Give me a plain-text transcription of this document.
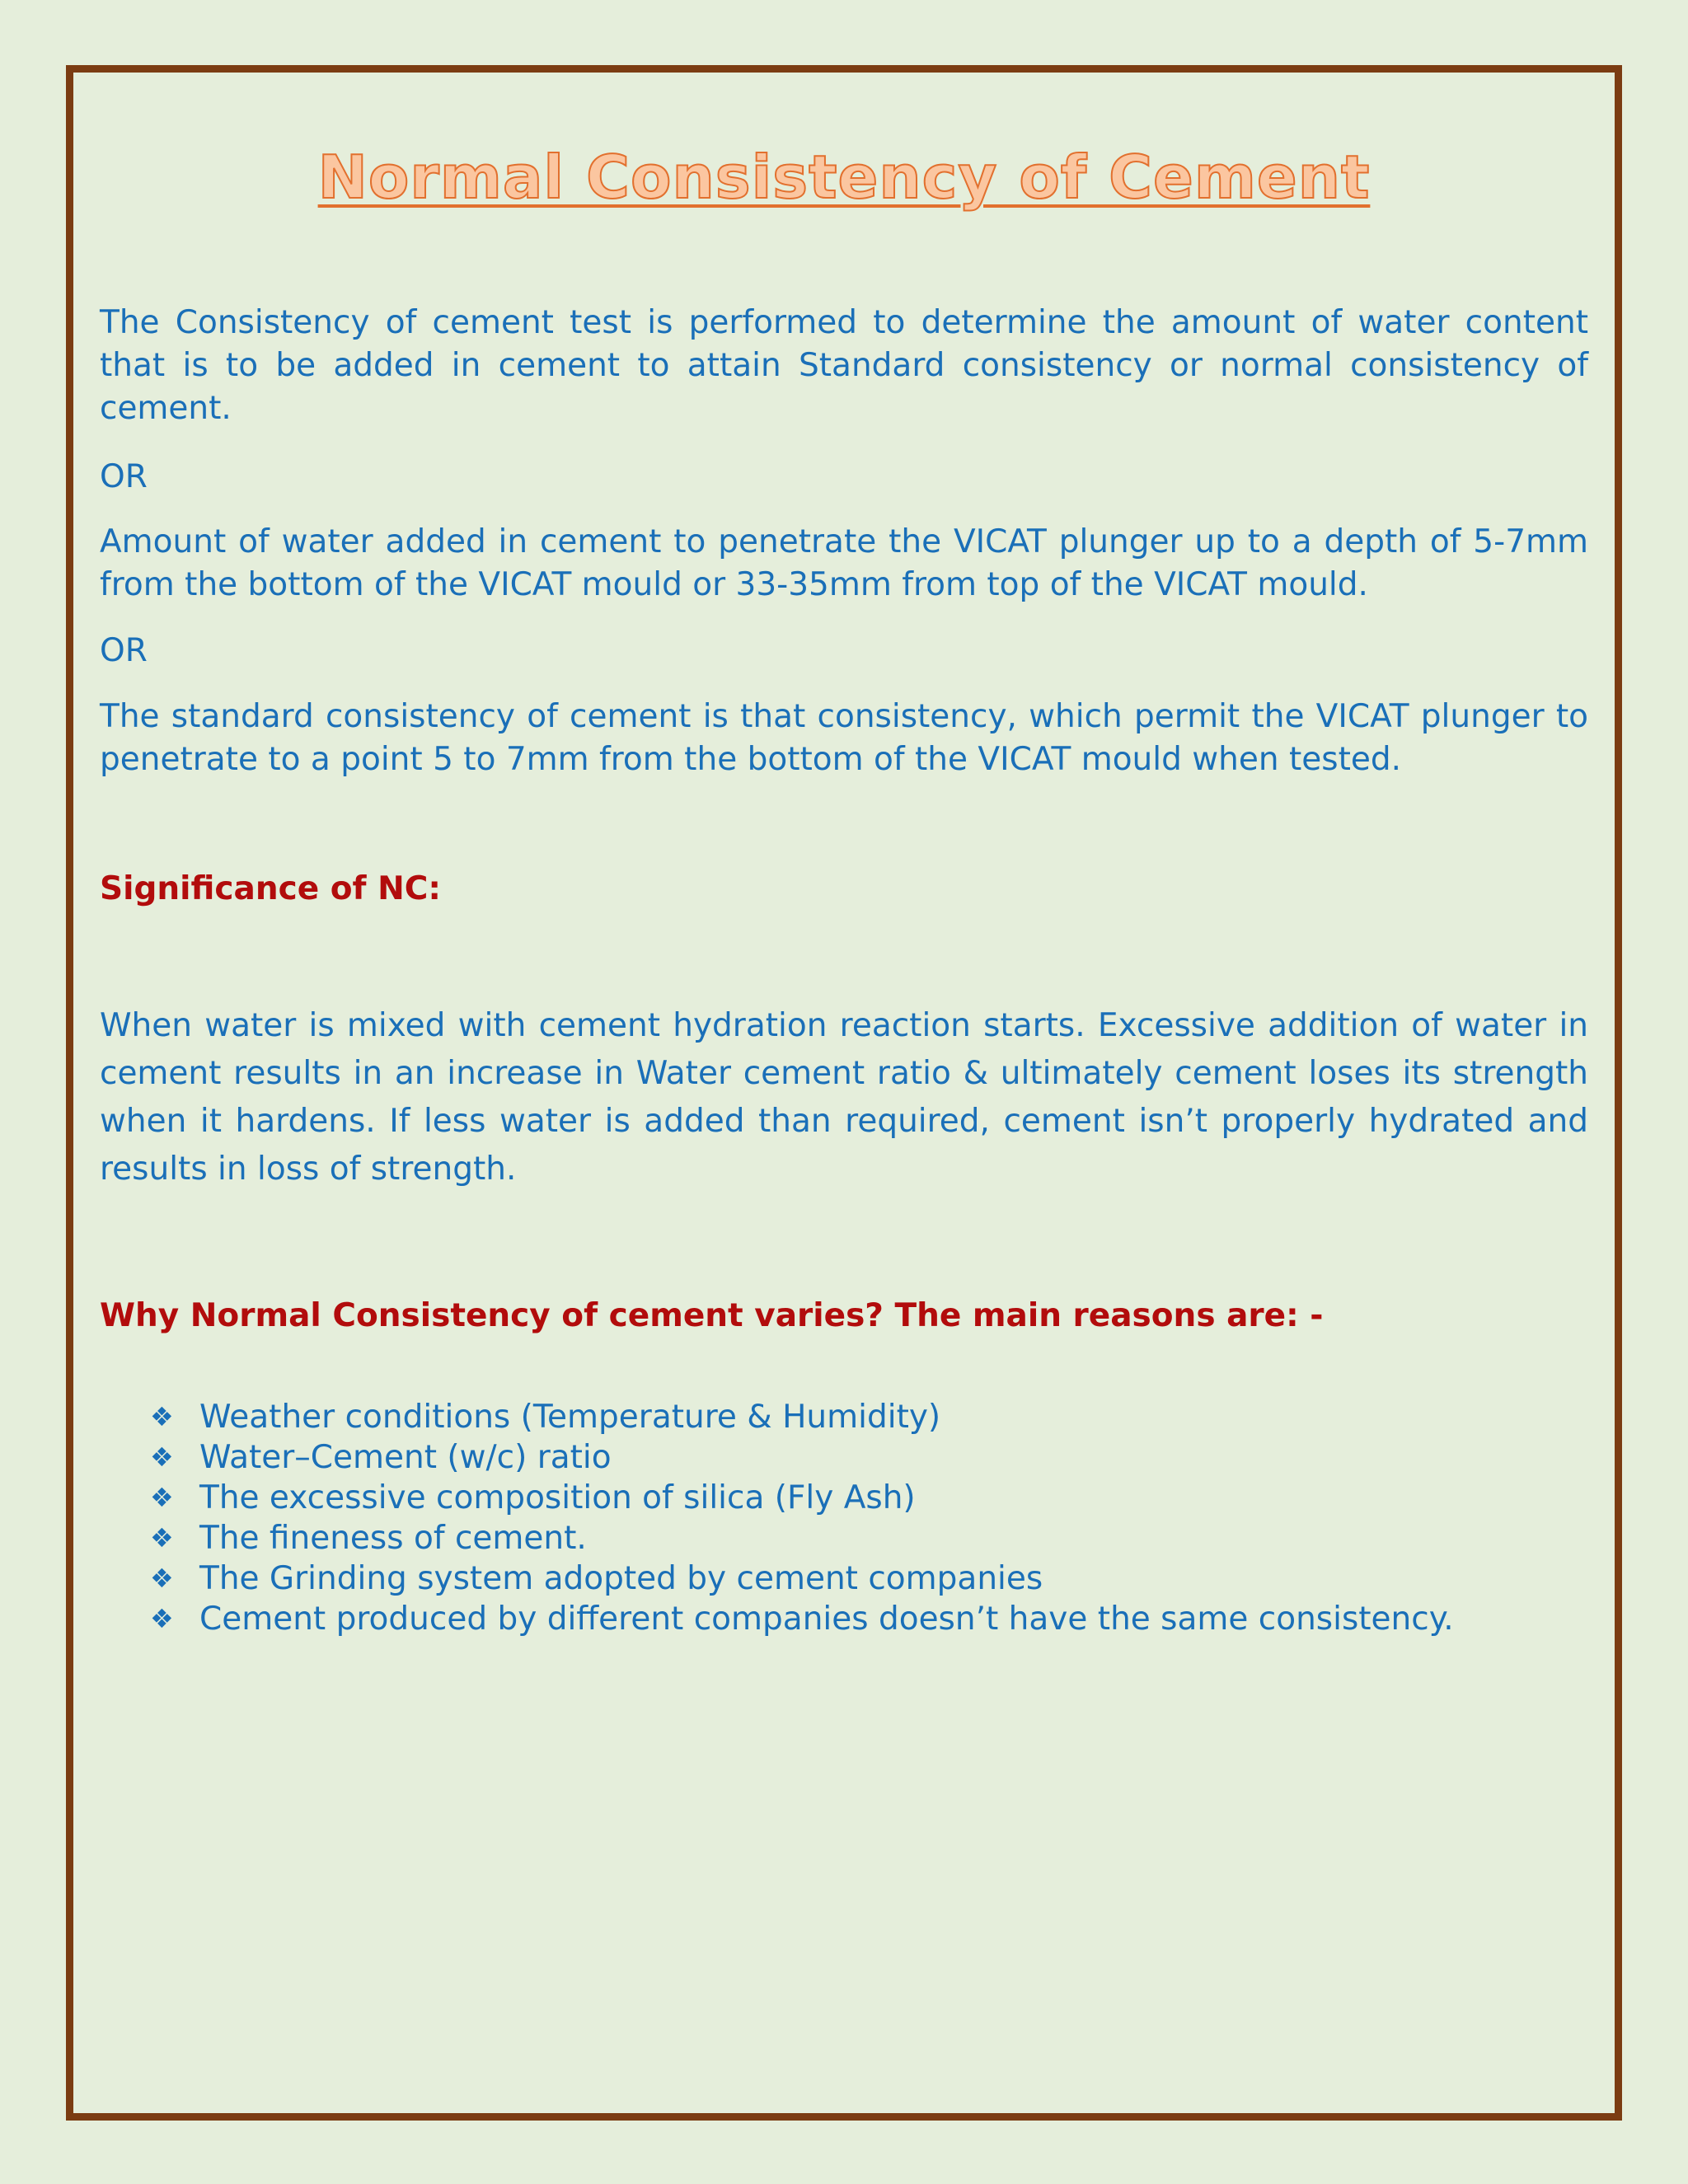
Normal Consistency of Cement

The Consistency of cement test is performed to determine the amount of water content that is to be added in cement to attain Standard consistency or normal consistency of cement.

OR

Amount of water added in cement to penetrate the VICAT plunger up to a depth of 5-7mm from the bottom of the VICAT mould or 33-35mm from top of the VICAT mould.

OR

The standard consistency of cement is that consistency, which permit the VICAT plunger to penetrate to a point 5 to 7mm from the bottom of the VICAT mould when tested.

Significance of NC:

When water is mixed with cement hydration reaction starts. Excessive addition of water in cement results in an increase in Water cement ratio & ultimately cement loses its strength when it hardens. If less water is added than required, cement isn’t properly hydrated and results in loss of strength.

Why Normal Consistency of cement varies? The main reasons are: -
❖ Weather conditions (Temperature & Humidity)
❖ Water–Cement (w/c) ratio
❖ The excessive composition of silica (Fly Ash)
❖ The fineness of cement.
❖ The Grinding system adopted by cement companies
❖ Cement produced by different companies doesn’t have the same consistency.
